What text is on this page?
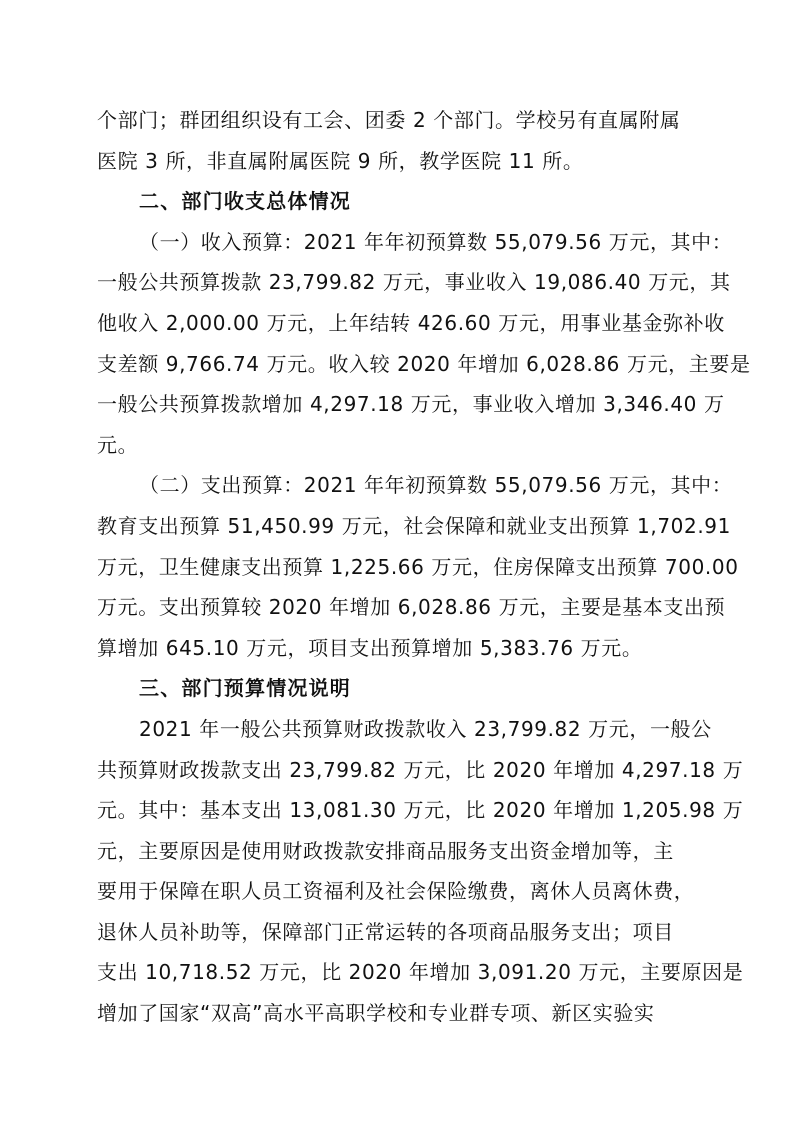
个部门；群团组织设有工会、团委 2 个部门。学校另有直属附属
医院 3 所，非直属附属医院 9 所，教学医院 11 所。
二、部门收支总体情况
（一）收入预算：2021 年年初预算数 55,079.56 万元，其中：
一般公共预算拨款 23,799.82 万元，事业收入 19,086.40 万元，其
他收入 2,000.00 万元，上年结转 426.60 万元，用事业基金弥补收
支差额 9,766.74 万元。收入较 2020 年增加 6,028.86 万元，主要是
一般公共预算拨款增加 4,297.18 万元，事业收入增加 3,346.40 万
元。
（二）支出预算：2021 年年初预算数 55,079.56 万元，其中：
教育支出预算 51,450.99 万元，社会保障和就业支出预算 1,702.91
万元，卫生健康支出预算 1,225.66 万元，住房保障支出预算 700.00
万元。支出预算较 2020 年增加 6,028.86 万元，主要是基本支出预
算增加 645.10 万元，项目支出预算增加 5,383.76 万元。
三、部门预算情况说明
2021 年一般公共预算财政拨款收入 23,799.82 万元，一般公
共预算财政拨款支出 23,799.82 万元，比 2020 年增加 4,297.18 万
元。其中：基本支出 13,081.30 万元，比 2020 年增加 1,205.98 万
元，主要原因是使用财政拨款安排商品服务支出资金增加等，主
要用于保障在职人员工资福利及社会保险缴费，离休人员离休费，
退休人员补助等，保障部门正常运转的各项商品服务支出；项目
支出 10,718.52 万元，比 2020 年增加 3,091.20 万元，主要原因是
增加了国家“双高”高水平高职学校和专业群专项、新区实验实
